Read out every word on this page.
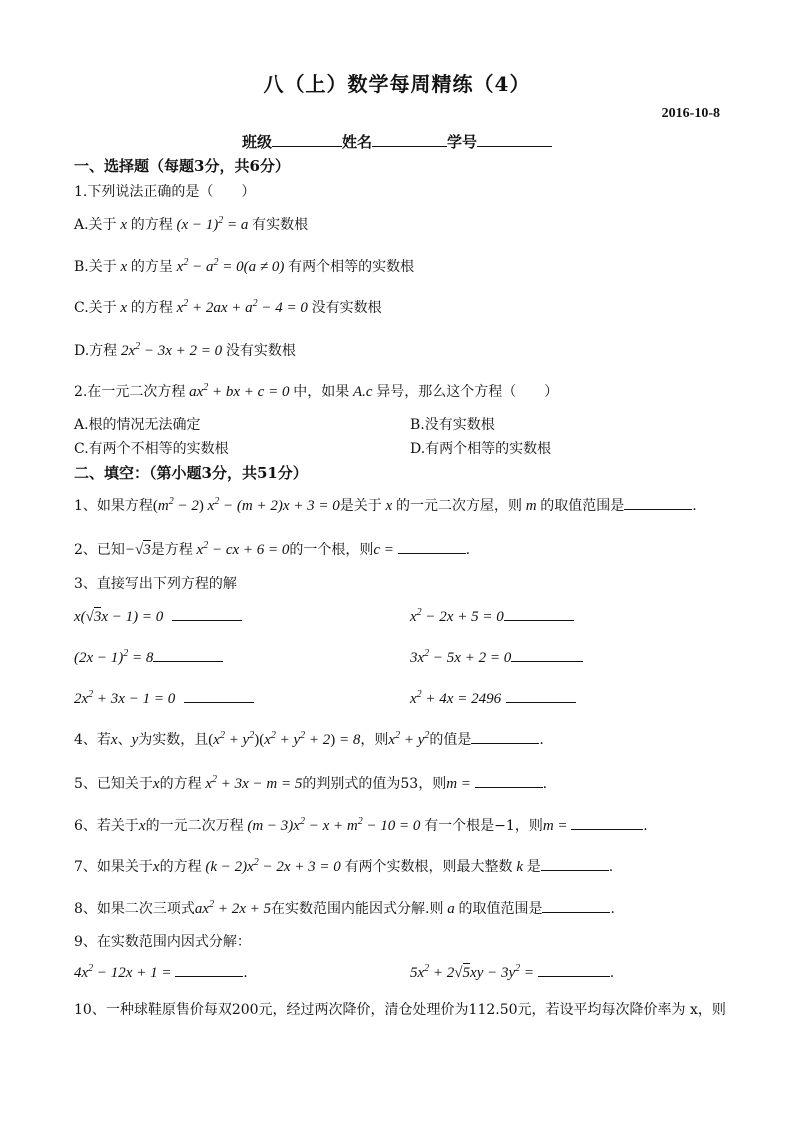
八（上）数学每周精练（4）
2016-10-8
班级	姓名	学号
一、选择题（每题3分，共6分）
1.下列说法正确的是（　　）
A.关于 x 的方程 $(x - 1)^2 = a$ 有实数根
B.关于 x 的方呈 $x^2 - a^2 = 0(a \ne 0)$ 有两个相等的实数根
C.关于 x 的方程 $x^2 + 2ax + a^2 - 4 = 0$ 没有实数根
D.方程 $2x^2 - 3x + 2 = 0$ 没有实数根
2.在一元二次方程 $ax^2$ + bx + c = 0 中，如果 A.c 异号，那么这个方程（　　）
A.根的情况无法确定	B.没有实数根
C.有两个不相等的实数根	D.有两个相等的实数根
二、填空：（第小题3分，共51分）
1、如果方程$(m^2 - 2) x^2 - (m + 2)x + 3 = 0$是关于 x 的一元二次方屋，则 m 的取值范围是	.
2、已知−√3是方程 $x^2$ − cx + 6 = 0的一个根，则c =	.
3、直接写出下列方程的解
x(√3x − 1) = 0	$x^2 - 2x + 5 = 0$
$(2x - 1)^2 = 8$	$3x^2 - 5x + 2 = 0$
$2x^2 + 3x - 1 = 0$	$x^2 + 4x = 2496$
4、若x、y为实数，且$(x^2 + y^2)(x^2 + y^2 + 2) = 8$，则$x^2 + y^2$的值是	.
5、已知关于x的方程 $x^2 + 3x - m = 5$的判别式的值为53，则m =	.
6、若关于x的一元二次万程 $(m - 3)x^2 - x + m^2 - 10 = 0$ 有一个根是−1，则m =	.
7、如果关于x的方程 $(k - 2)x^2 - 2x + 3 = 0$ 有两个实数根，则最大整数 k 是	.
8、如果二次三项式$ax^2 + 2x + 5$在实数范围内能因式分解.则 a 的取值范围是	.
9、在实数范围内因式分解：
$4x^2 - 12x + 1$ =	.	$5x^2 + 2√5xy - 3y^2$ =	.
10、一种球鞋原售价每双200元，经过两次降价，清仓处理价为112.50元，若设平均每次降价率为 x，则
